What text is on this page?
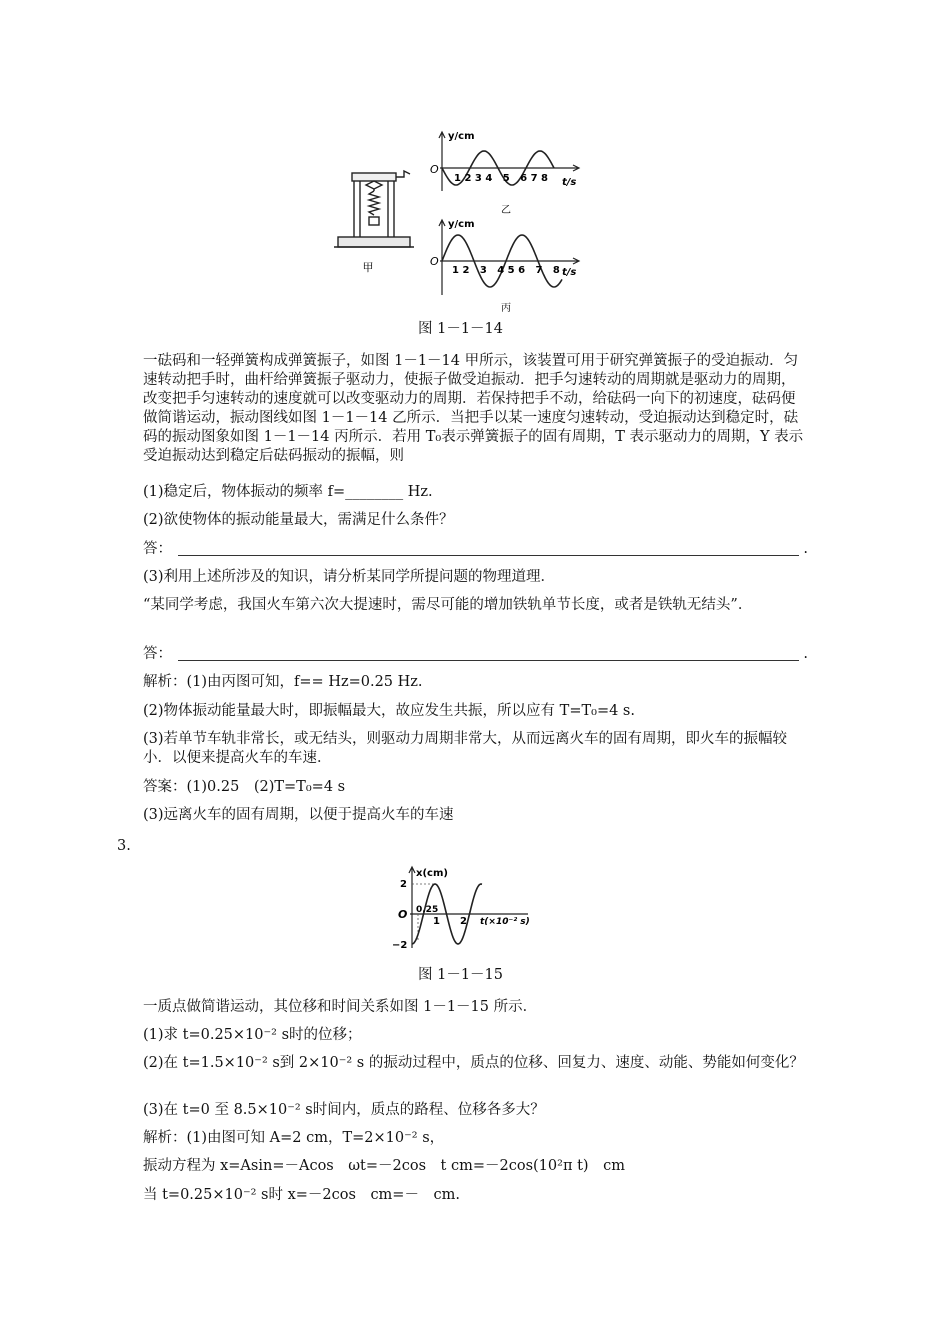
甲
y/cm
O
1 2 3 4   5   6 7 8 t/s
乙
y/cm
O
1 2   3   4 5 6   7   8 t/s
丙
图 1－1－14

一砝码和一轻弹簧构成弹簧振子，如图 1－1－14 甲所示，该装置可用于研究弹簧振子的受迫振动．匀速转动把手时，曲杆给弹簧振子驱动力，使振子做受迫振动．把手匀速转动的周期就是驱动力的周期，改变把手匀速转动的速度就可以改变驱动力的周期．若保持把手不动，给砝码一向下的初速度，砝码便做简谐运动，振动图线如图 1－1－14 乙所示．当把手以某一速度匀速转动，受迫振动达到稳定时，砝码的振动图象如图 1－1－14 丙所示．若用 T₀表示弹簧振子的固有周期，T 表示驱动力的周期，Y 表示受迫振动达到稳定后砝码振动的振幅，则

(1)稳定后，物体振动的频率 f=________ Hz.

(2)欲使物体的振动能量最大，需满足什么条件？

答：	.

(3)利用上述所涉及的知识，请分析某同学所提问题的物理道理．

“某同学考虑，我国火车第六次大提速时，需尽可能的增加铁轨单节长度，或者是铁轨无结头”．

答：	.

解析：(1)由丙图可知，f== Hz=0.25 Hz.

(2)物体振动能量最大时，即振幅最大，故应发生共振，所以应有 T=T₀=4 s.

(3)若单节车轨非常长，或无结头，则驱动力周期非常大，从而远离火车的固有周期，即火车的振幅较小．以便来提高火车的车速．

答案：(1)0.25　(2)T=T₀=4 s

(3)远离火车的固有周期，以便于提高火车的车速

3.
x(cm)
2
O
−2
0.25
1 2 t(×10⁻² s)
图 1－1－15

一质点做简谐运动，其位移和时间关系如图 1－1－15 所示．

(1)求 t=0.25×10⁻² s时的位移；

(2)在 t=1.5×10⁻² s到 2×10⁻² s 的振动过程中，质点的位移、回复力、速度、动能、势能如何变化？

(3)在 t=0 至 8.5×10⁻² s时间内，质点的路程、位移各多大？

解析：(1)由图可知 A=2 cm，T=2×10⁻² s，

振动方程为 x=Asin=－Acos　ωt=－2cos　t cm=－2cos(10²π t)　cm

当 t=0.25×10⁻² s时 x=－2cos　cm=－　cm.
